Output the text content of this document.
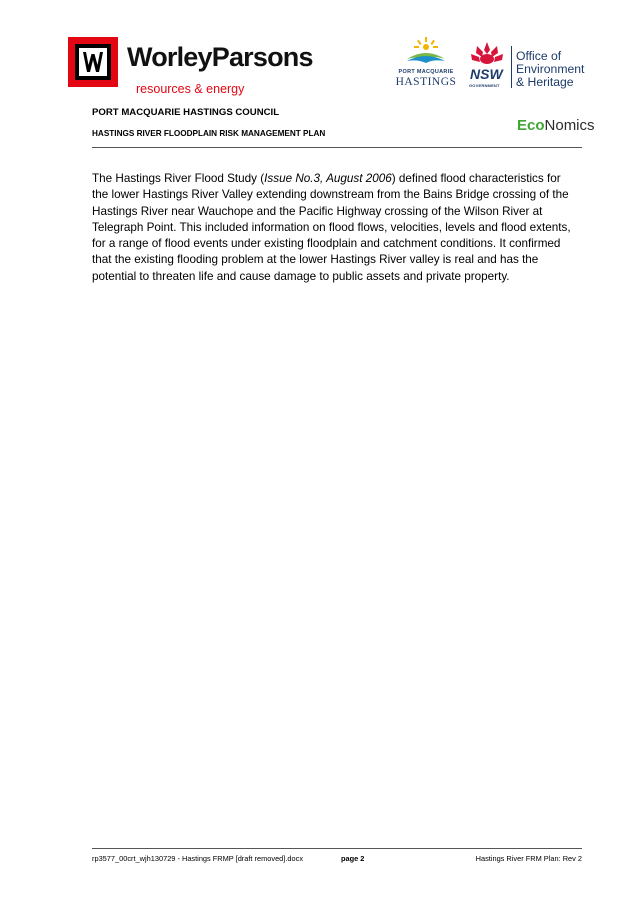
WorleyParsons
resources & energy
PORT MACQUARIE
HASTINGS NSW
GOVERNMENT
Office of
Environment
& Heritage
PORT MACQUARIE HASTINGS COUNCIL
HASTINGS RIVER FLOODPLAIN RISK MANAGEMENT PLAN	EcoNomics

The Hastings River Flood Study (Issue No.3, August 2006) defined flood characteristics for the lower Hastings River Valley extending downstream from the Bains Bridge crossing of the Hastings River near Wauchope and the Pacific Highway crossing of the Wilson River at Telegraph Point. This included information on flood flows, velocities, levels and flood extents, for a range of flood events under existing floodplain and catchment conditions. It confirmed that the existing flooding problem at the lower Hastings River valley is real and has the potential to threaten life and cause damage to public assets and private property.

rp3577_00crt_wjh130729 - Hastings FRMP [draft removed].docx	page 2	Hastings River FRM Plan: Rev 2
